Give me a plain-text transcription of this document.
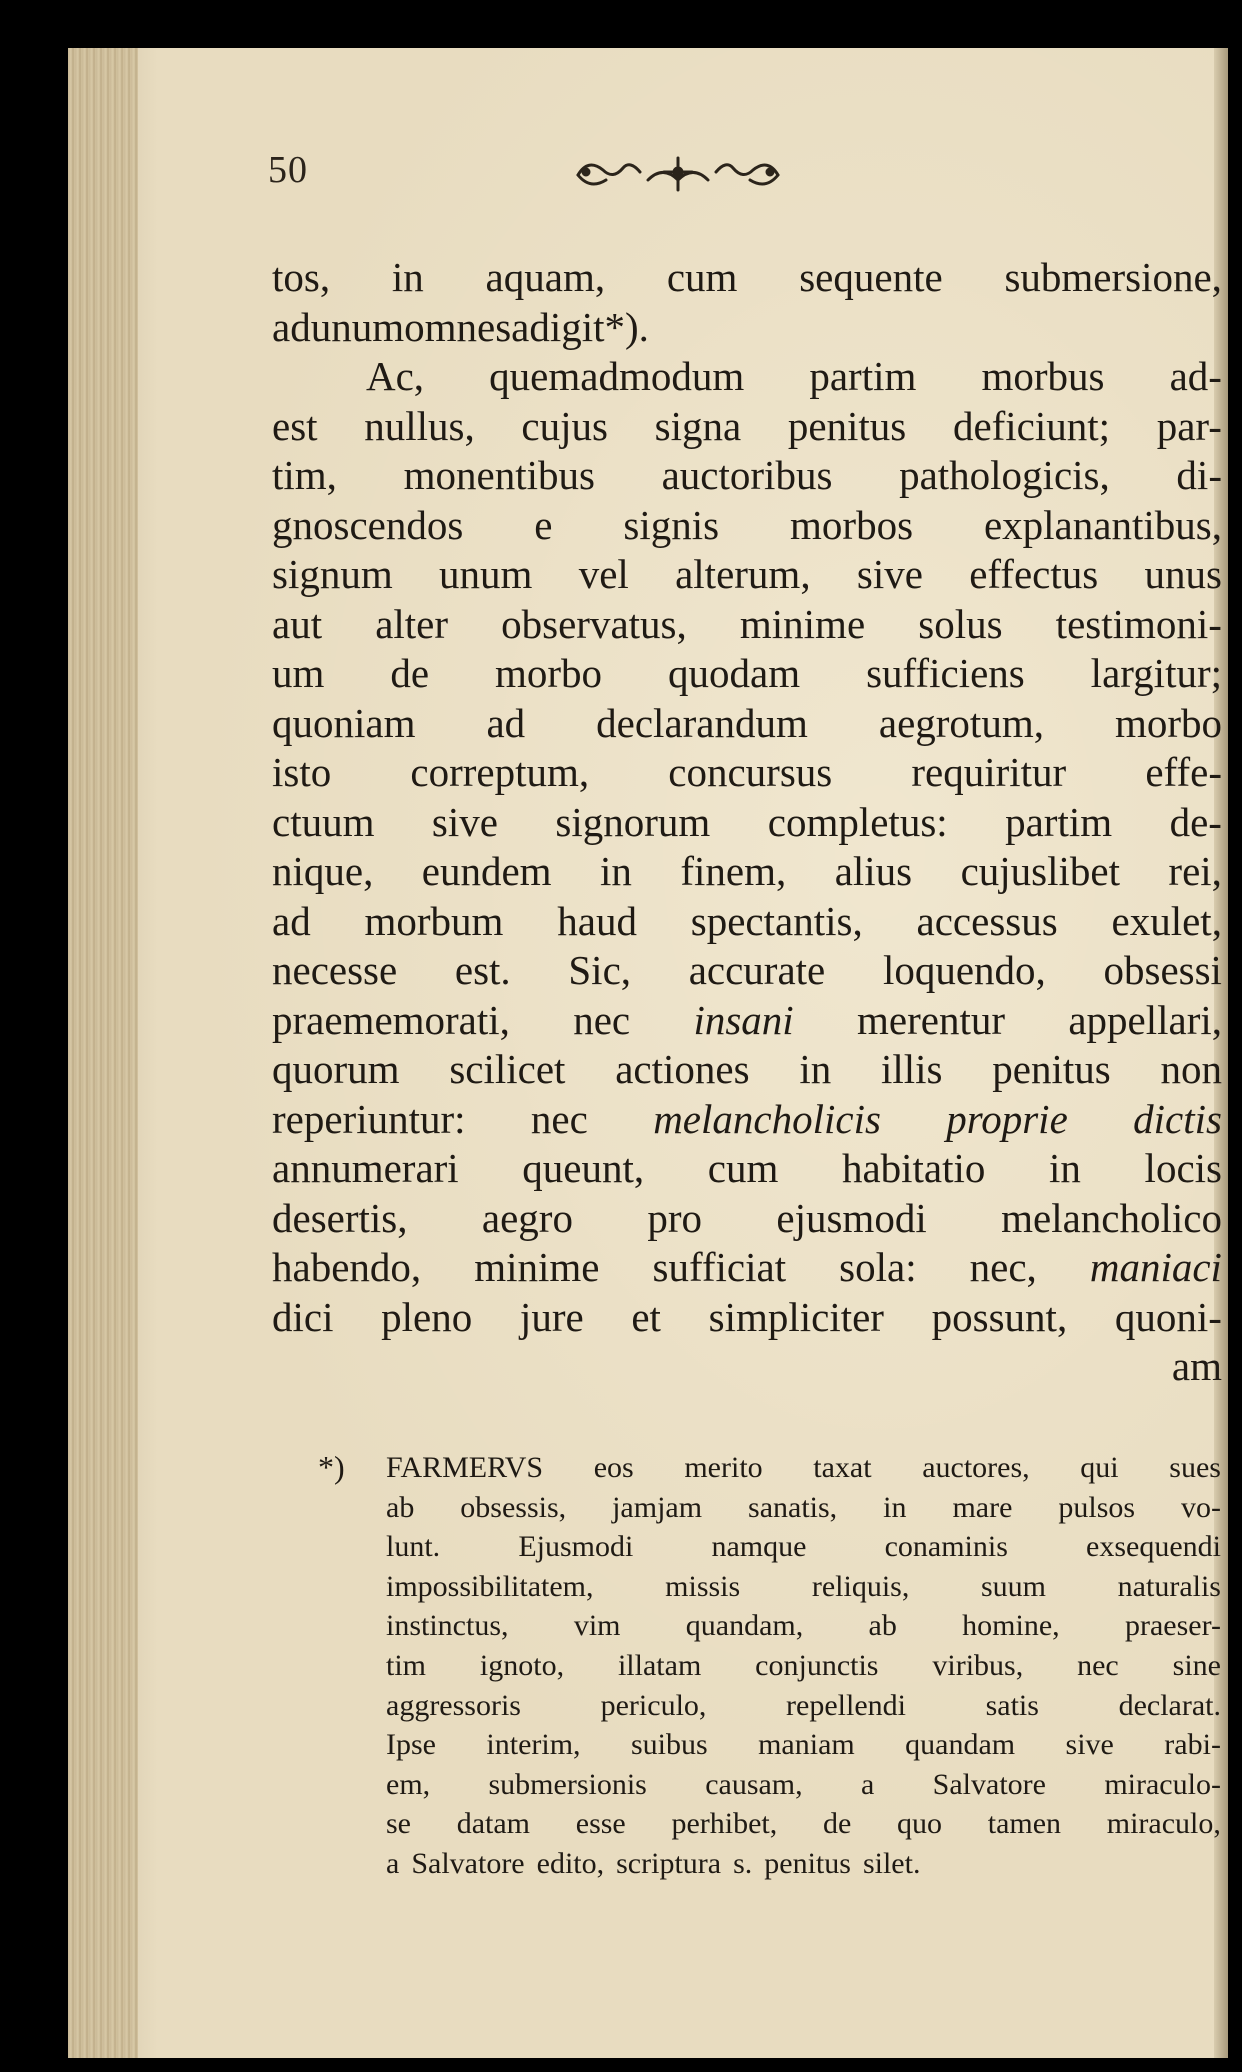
50
tos, in aquam, cum sequente submersione,
ad unum omnes adigit *).
Ac, quemadmodum partim morbus ad-
est nullus, cujus signa penitus deficiunt; par-
tim, monentibus auctoribus pathologicis, di-
gnoscendos e signis morbos explanantibus,
signum unum vel alterum, sive effectus unus
aut alter observatus, minime solus testimoni-
um de morbo quodam sufficiens largitur;
quoniam ad declarandum aegrotum, morbo
isto correptum, concursus requiritur effe-
ctuum sive signorum completus: partim de-
nique, eundem in finem, alius cujuslibet rei,
ad morbum haud spectantis, accessus exulet,
necesse est. Sic, accurate loquendo, obsessi
praememorati, nec insani merentur appellari,
quorum scilicet actiones in illis penitus non
reperiuntur: nec melancholicis proprie dictis
annumerari queunt, cum habitatio in locis
desertis, aegro pro ejusmodi melancholico
habendo, minime sufficiat sola: nec, maniaci
dici pleno jure et simpliciter possunt, quoni-
am
*) FARMERVS eos merito taxat auctores, qui sues
ab obsessis, jamjam sanatis, in mare pulsos vo-
lunt.	Ejusmodi	namque	conaminis	exsequendi
impossibilitatem, missis reliquis, suum naturalis
instinctus, vim quandam, ab homine, praeser-
tim ignoto, illatam conjunctis viribus, nec sine
aggressoris	periculo,	repellendi	satis	declarat.
Ipse interim, suibus maniam quandam sive rabi-
em, submersionis causam, a Salvatore miraculo-
se datam esse perhibet, de quo tamen miraculo,
a Salvatore edito, scriptura s. penitus silet.
